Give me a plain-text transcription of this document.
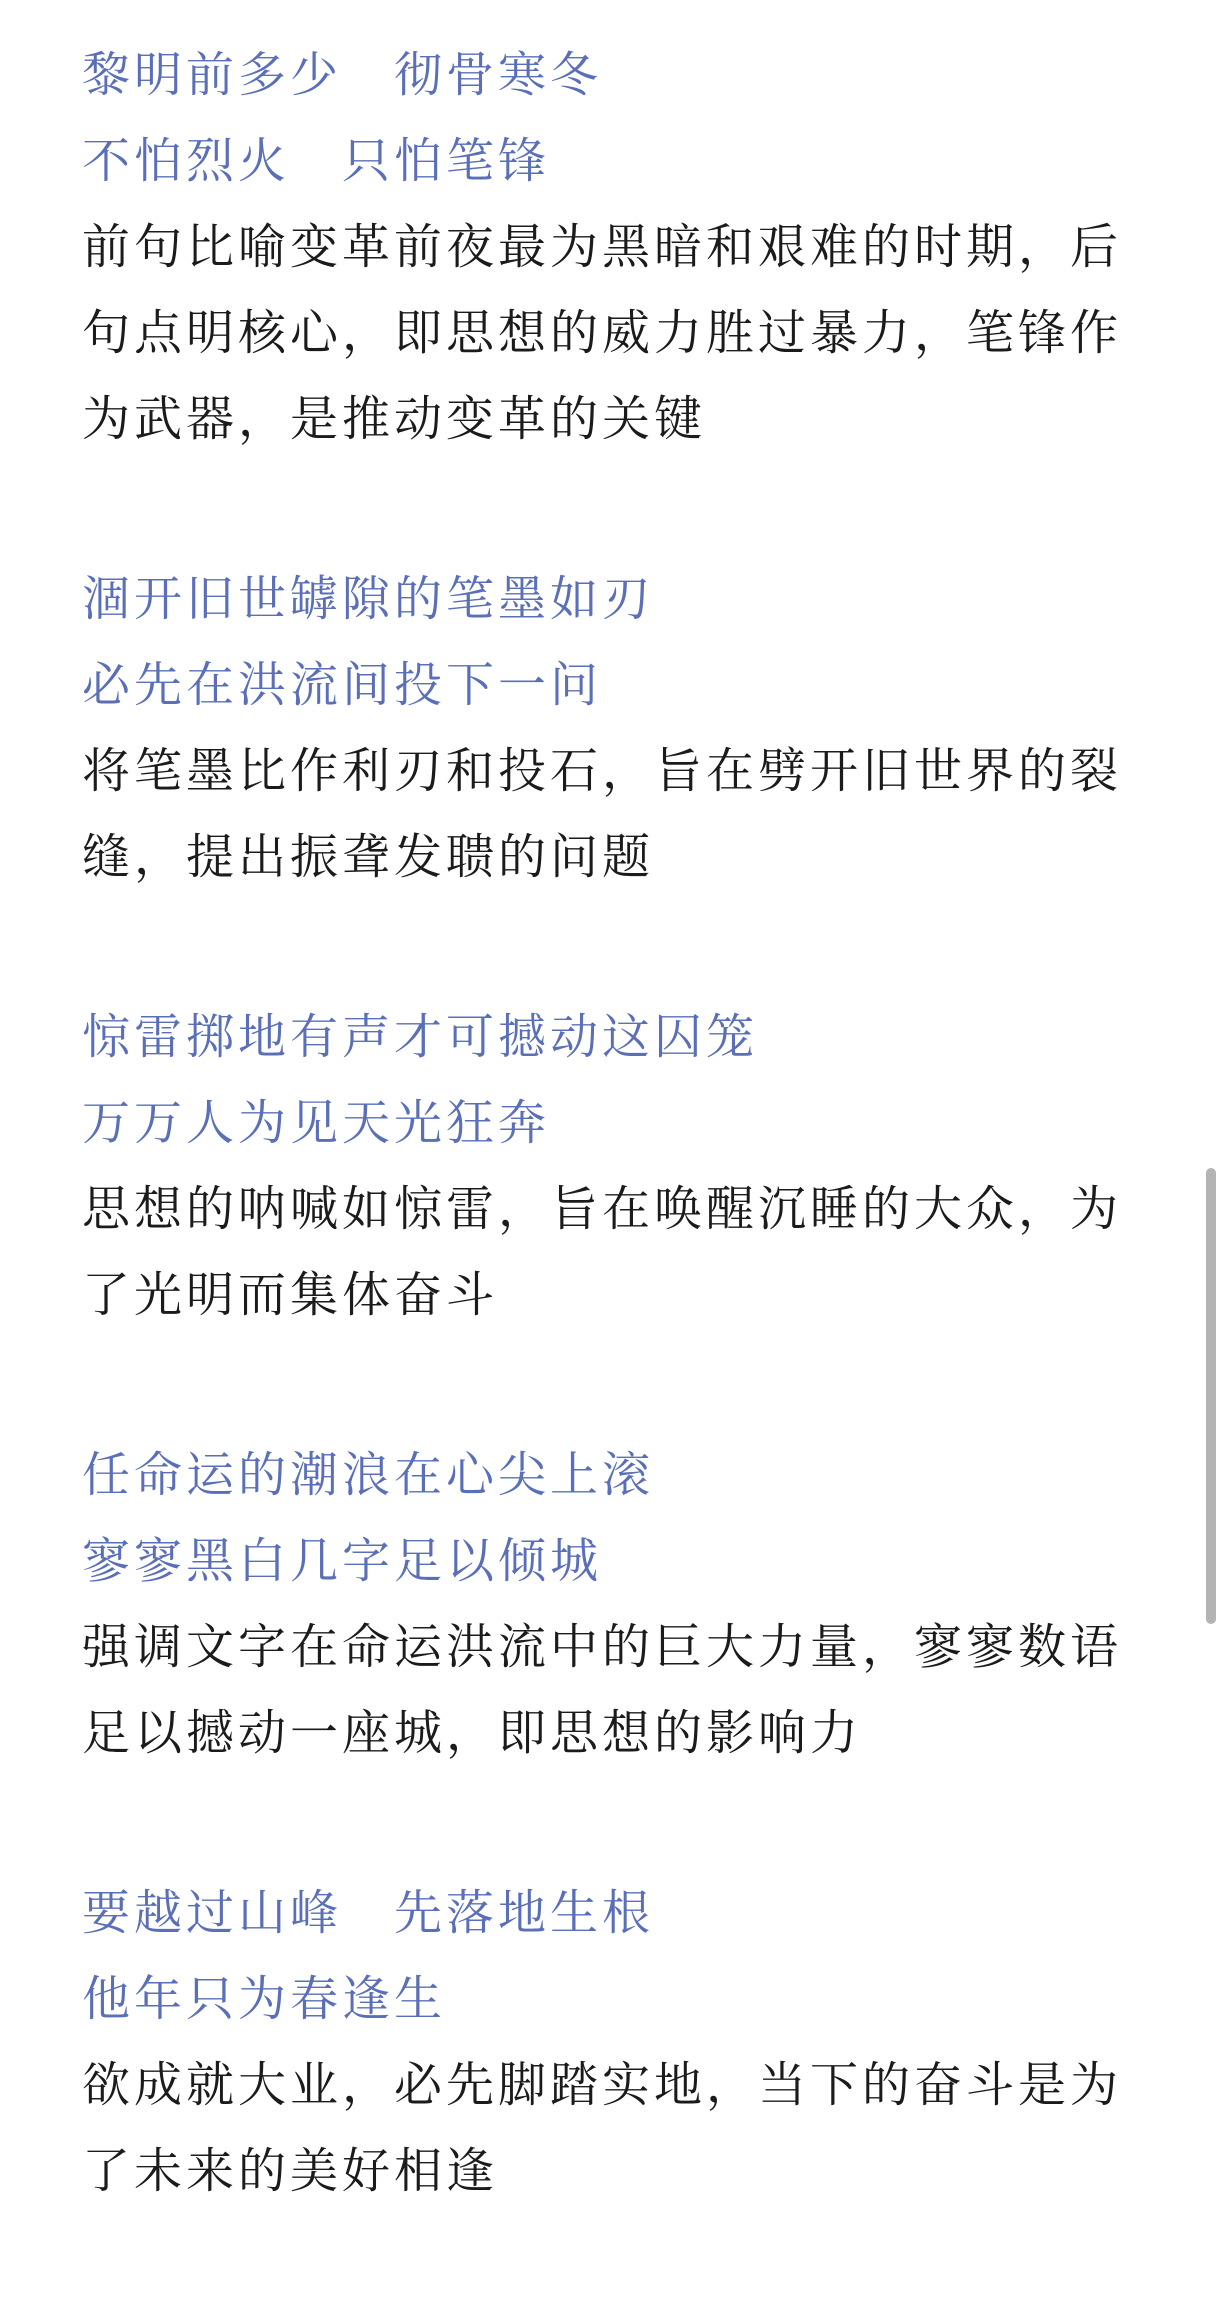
黎明前多少　彻骨寒冬
不怕烈火　只怕笔锋
前句比喻变革前夜最为黑暗和艰难的时期，后句点明核心，即思想的威力胜过暴力，笔锋作为武器，是推动变革的关键
涸开旧世罅隙的笔墨如刃
必先在洪流间投下一问
将笔墨比作利刃和投石，旨在劈开旧世界的裂缝，提出振聋发聩的问题
惊雷掷地有声才可撼动这囚笼
万万人为见天光狂奔
思想的呐喊如惊雷，旨在唤醒沉睡的大众，为了光明而集体奋斗
任命运的潮浪在心尖上滚
寥寥黑白几字足以倾城
强调文字在命运洪流中的巨大力量，寥寥数语足以撼动一座城，即思想的影响力
要越过山峰　先落地生根
他年只为春逢生
欲成就大业，必先脚踏实地，当下的奋斗是为了未来的美好相逢
